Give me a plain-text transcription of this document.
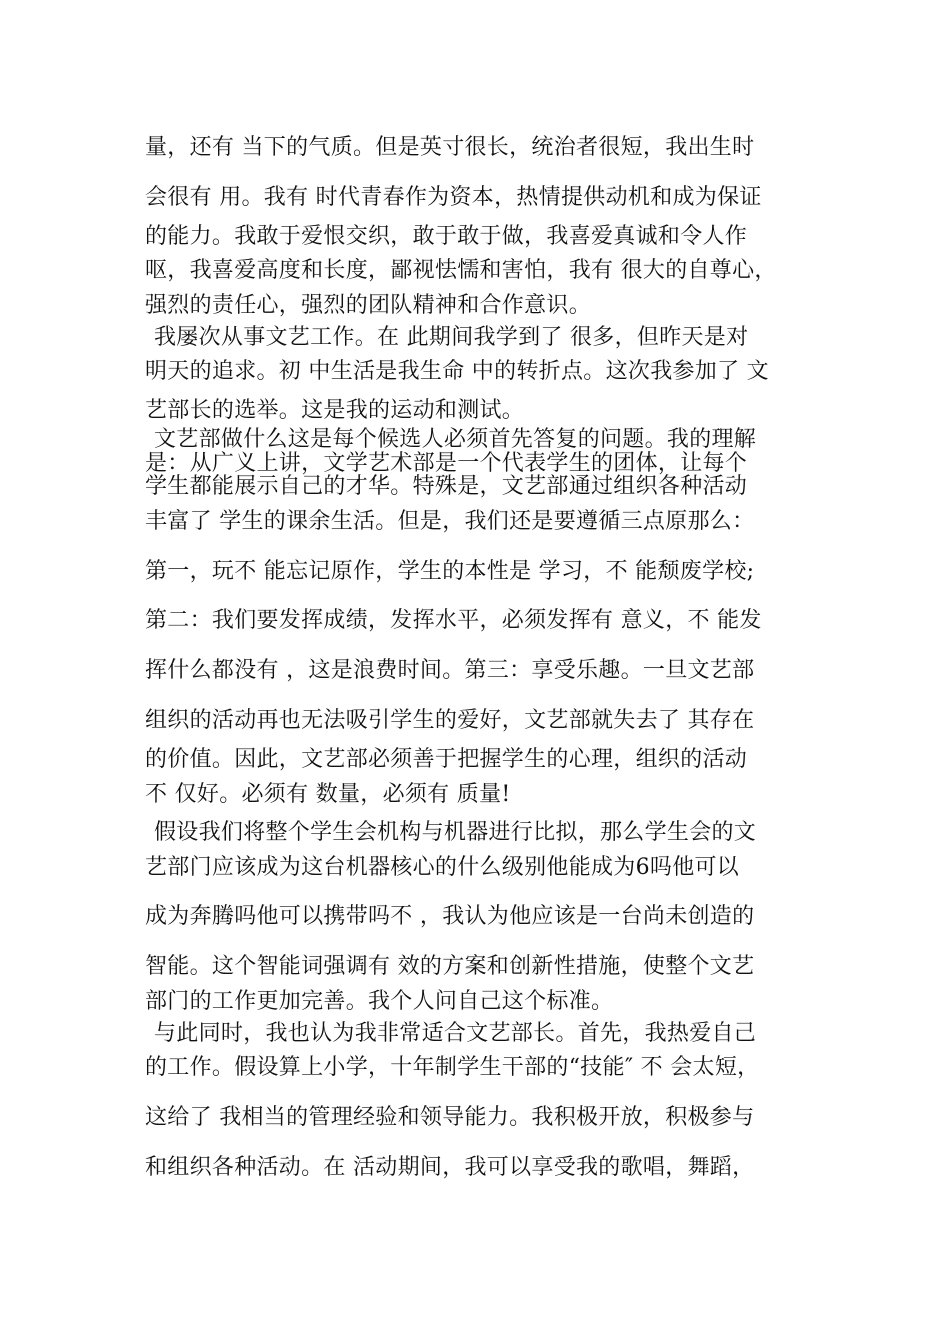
量，还有 当下的气质。但是英寸很长，统治者很短，我出生时
会很有 用。我有 时代青春作为资本，热情提供动机和成为保证
的能力。我敢于爱恨交织，敢于敢于做，我喜爱真诚和令人作
呕，我喜爱高度和长度，鄙视怯懦和害怕，我有 很大的自尊心，
强烈的责任心，强烈的团队精神和合作意识。
我屡次从事文艺工作。在 此期间我学到了 很多，但昨天是对
明天的追求。初 中生活是我生命 中的转折点。这次我参加了 文
艺部长的选举。这是我的运动和测试。
文艺部做什么这是每个候选人必须首先答复的问题。我的理解
是：从广义上讲，文学艺术部是一个代表学生的团体，让每个
学生都能展示自己的才华。特殊是，文艺部通过组织各种活动
丰富了 学生的课余生活。但是，我们还是要遵循三点原那么：
第一，玩不 能忘记原作，学生的本性是 学习，不 能颓废学校;
第二：我们要发挥成绩，发挥水平，必须发挥有 意义，不 能发
挥什么都没有 ，这是浪费时间。第三：享受乐趣。一旦文艺部
组织的活动再也无法吸引学生的爱好，文艺部就失去了 其存在
的价值。因此，文艺部必须善于把握学生的心理，组织的活动
不 仅好。必须有 数量，必须有 质量!
假设我们将整个学生会机构与机器进行比拟，那么学生会的文
艺部门应该成为这台机器核心的什么级别他能成为6吗他可以
成为奔腾吗他可以携带吗不 ，我认为他应该是一台尚未创造的
智能。这个智能词强调有 效的方案和创新性措施，使整个文艺
部门的工作更加完善。我个人问自己这个标准。
与此同时，我也认为我非常适合文艺部长。首先，我热爱自己
的工作。假设算上小学，十年制学生干部的“技能″ 不 会太短，
这给了 我相当的管理经验和领导能力。我积极开放，积极参与
和组织各种活动。在 活动期间，我可以享受我的歌唱，舞蹈，
